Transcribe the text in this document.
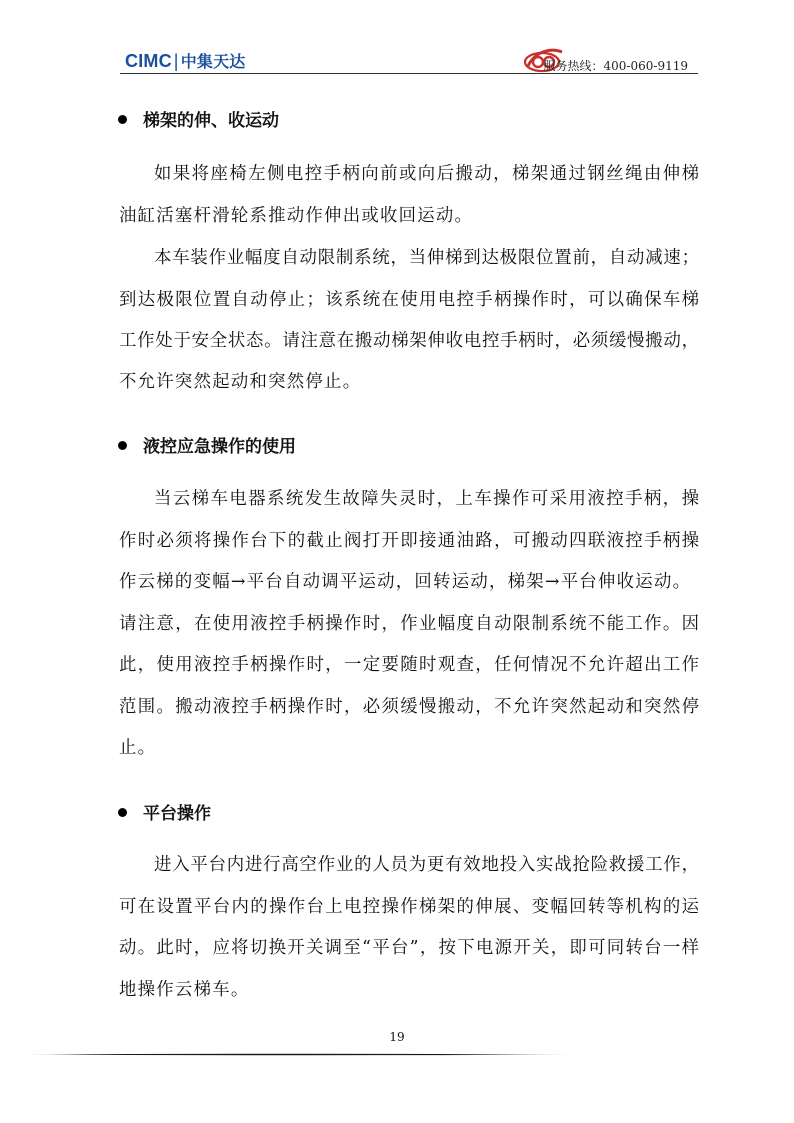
CIMC | 中集天达	服务热线：400-060-9119
梯架的伸、收运动
如果将座椅左侧电控手柄向前或向后搬动，梯架通过钢丝绳由伸梯
油缸活塞杆滑轮系推动作伸出或收回运动。
本车装作业幅度自动限制系统，当伸梯到达极限位置前，自动减速；
到达极限位置自动停止；该系统在使用电控手柄操作时，可以确保车梯
工作处于安全状态。请注意在搬动梯架伸收电控手柄时，必须缓慢搬动，
不允许突然起动和突然停止。
液控应急操作的使用
当云梯车电器系统发生故障失灵时，上车操作可采用液控手柄，操
作时必须将操作台下的截止阀打开即接通油路，可搬动四联液控手柄操
作云梯的变幅→平台自动调平运动，回转运动，梯架→平台伸收运动。
请注意，在使用液控手柄操作时，作业幅度自动限制系统不能工作。因
此，使用液控手柄操作时，一定要随时观查，任何情况不允许超出工作
范围。搬动液控手柄操作时，必须缓慢搬动，不允许突然起动和突然停
止。
平台操作
进入平台内进行高空作业的人员为更有效地投入实战抢险救援工作，
可在设置平台内的操作台上电控操作梯架的伸展、变幅回转等机构的运
动。此时，应将切换开关调至“平台”，按下电源开关，即可同转台一样
地操作云梯车。
19
